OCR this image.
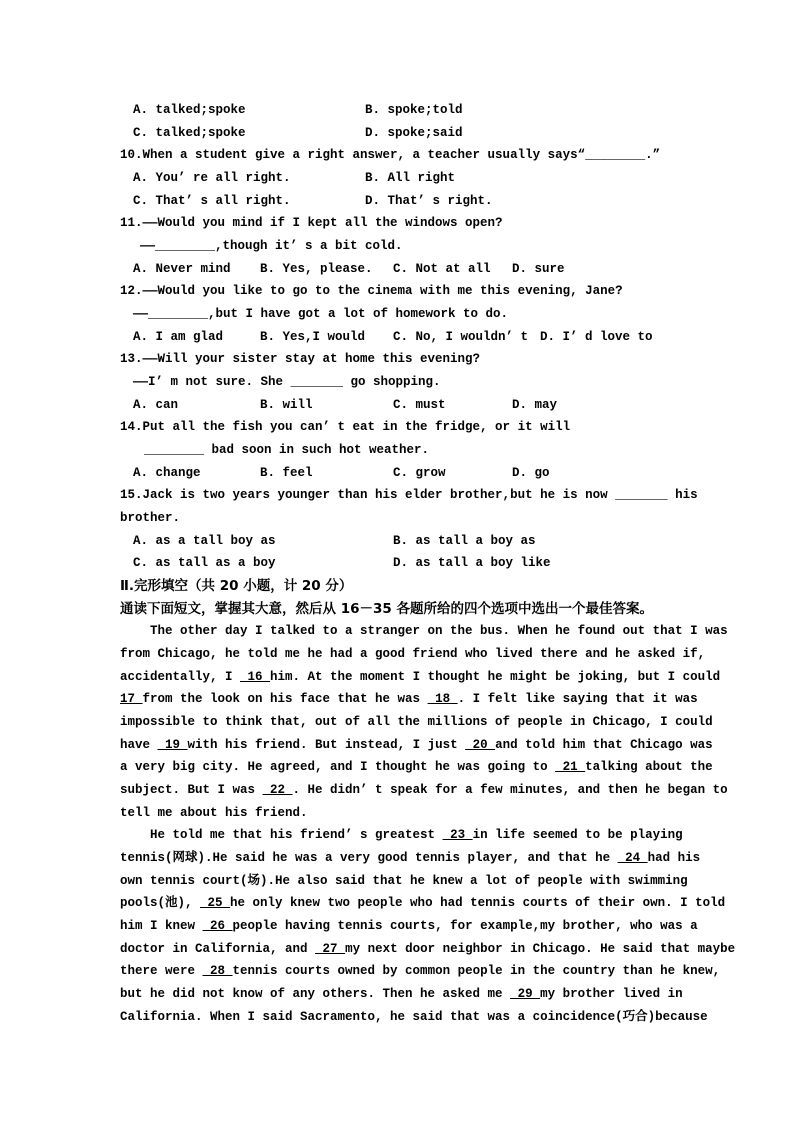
A. talked;spoke	B. spoke;told
C. talked;spoke	D. spoke;said
10.When a student give a right answer, a teacher usually says“________.”
A. You’ re all right.	B. All right
C. That’ s all right.	D. That’ s right.
11.——Would you mind if I kept all the windows open?
——________,though it’ s a bit cold.
A. Never mind B. Yes, please. C. Not at all D. sure
12.——Would you like to go to the cinema with me this evening, Jane?
——________,but I have got a lot of homework to do.
A. I am glad	B. Yes,I would C. No, I wouldn’ t D. I’ d love to
13.——Will your sister stay at home this evening?
——I’ m not sure. She _______ go shopping.
A. can	B. will	C. must	D. may
14.Put all the fish you can’ t eat in the fridge, or it will
________ bad soon in such hot weather.
A. change	B. feel	C. grow	D. go
15.Jack is two years younger than his elder brother,but he is now _______ his
brother.
A. as a tall boy as	B. as tall a boy as
C. as tall as a boy	D. as tall a boy like
Ⅱ.完形填空（共 20 小题，计 20 分）
通读下面短文，掌握其大意，然后从 16－35 各题所给的四个选项中选出一个最佳答案。
The other day I talked to a stranger on the bus. When he found out that I was
from Chicago, he told me he had a good friend who lived there and he asked if,
accidentally, I  16 him. At the moment I thought he might be joking, but I could
17 from the look on his face that he was  18 . I felt like saying that it was
impossible to think that, out of all the millions of people in Chicago, I could
have  19 with his friend. But instead, I just  20 and told him that Chicago was
a very big city. He agreed, and I thought he was going to  21 talking about the
subject. But I was  22 . He didn’ t speak for a few minutes, and then he began to
tell me about his friend.
He told me that his friend’ s greatest  23 in life seemed to be playing
tennis(网球).He said he was a very good tennis player, and that he  24 had his
own tennis court(场).He also said that he knew a lot of people with swimming
pools(池),  25 he only knew two people who had tennis courts of their own. I told
him I knew  26 people having tennis courts, for example,my brother, who was a
doctor in California, and  27 my next door neighbor in Chicago. He said that maybe
there were  28 tennis courts owned by common people in the country than he knew,
but he did not know of any others. Then he asked me  29 my brother lived in
California. When I said Sacramento, he said that was a coincidence(巧合)because
